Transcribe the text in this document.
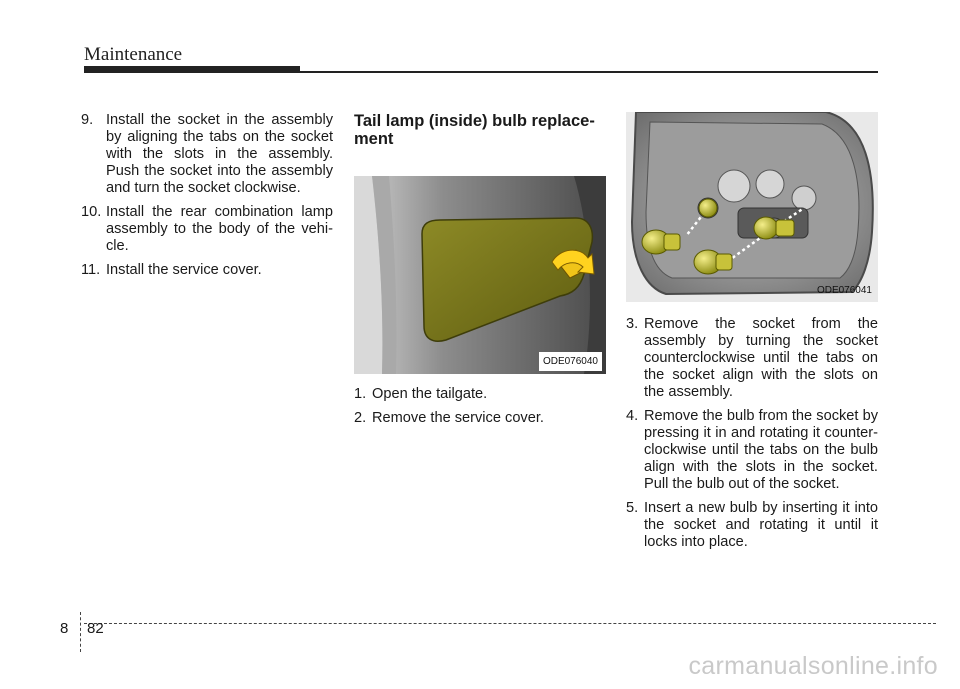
Maintenance
9. Install the socket in the assembly by aligning the tabs on the socket with the slots in the assembly. Push the socket into the assembly and turn the socket clockwise.
10. Install the rear combination lamp assembly to the body of the vehi-cle.
11. Install the service cover.
Tail lamp (inside) bulb replace-ment
ODE076040
1. Open the tailgate.
2. Remove the service cover.
ODE076041
3. Remove the socket from the assembly by turning the socket counterclockwise until the tabs on the socket align with the slots on the assembly.
4. Remove the bulb from the socket by pressing it in and rotating it counter-clockwise until the tabs on the bulb align with the slots in the socket. Pull the bulb out of the socket.
5. Insert a new bulb by inserting it into the socket and rotating it until it locks into place.
8 82
carmanualsonline.info
